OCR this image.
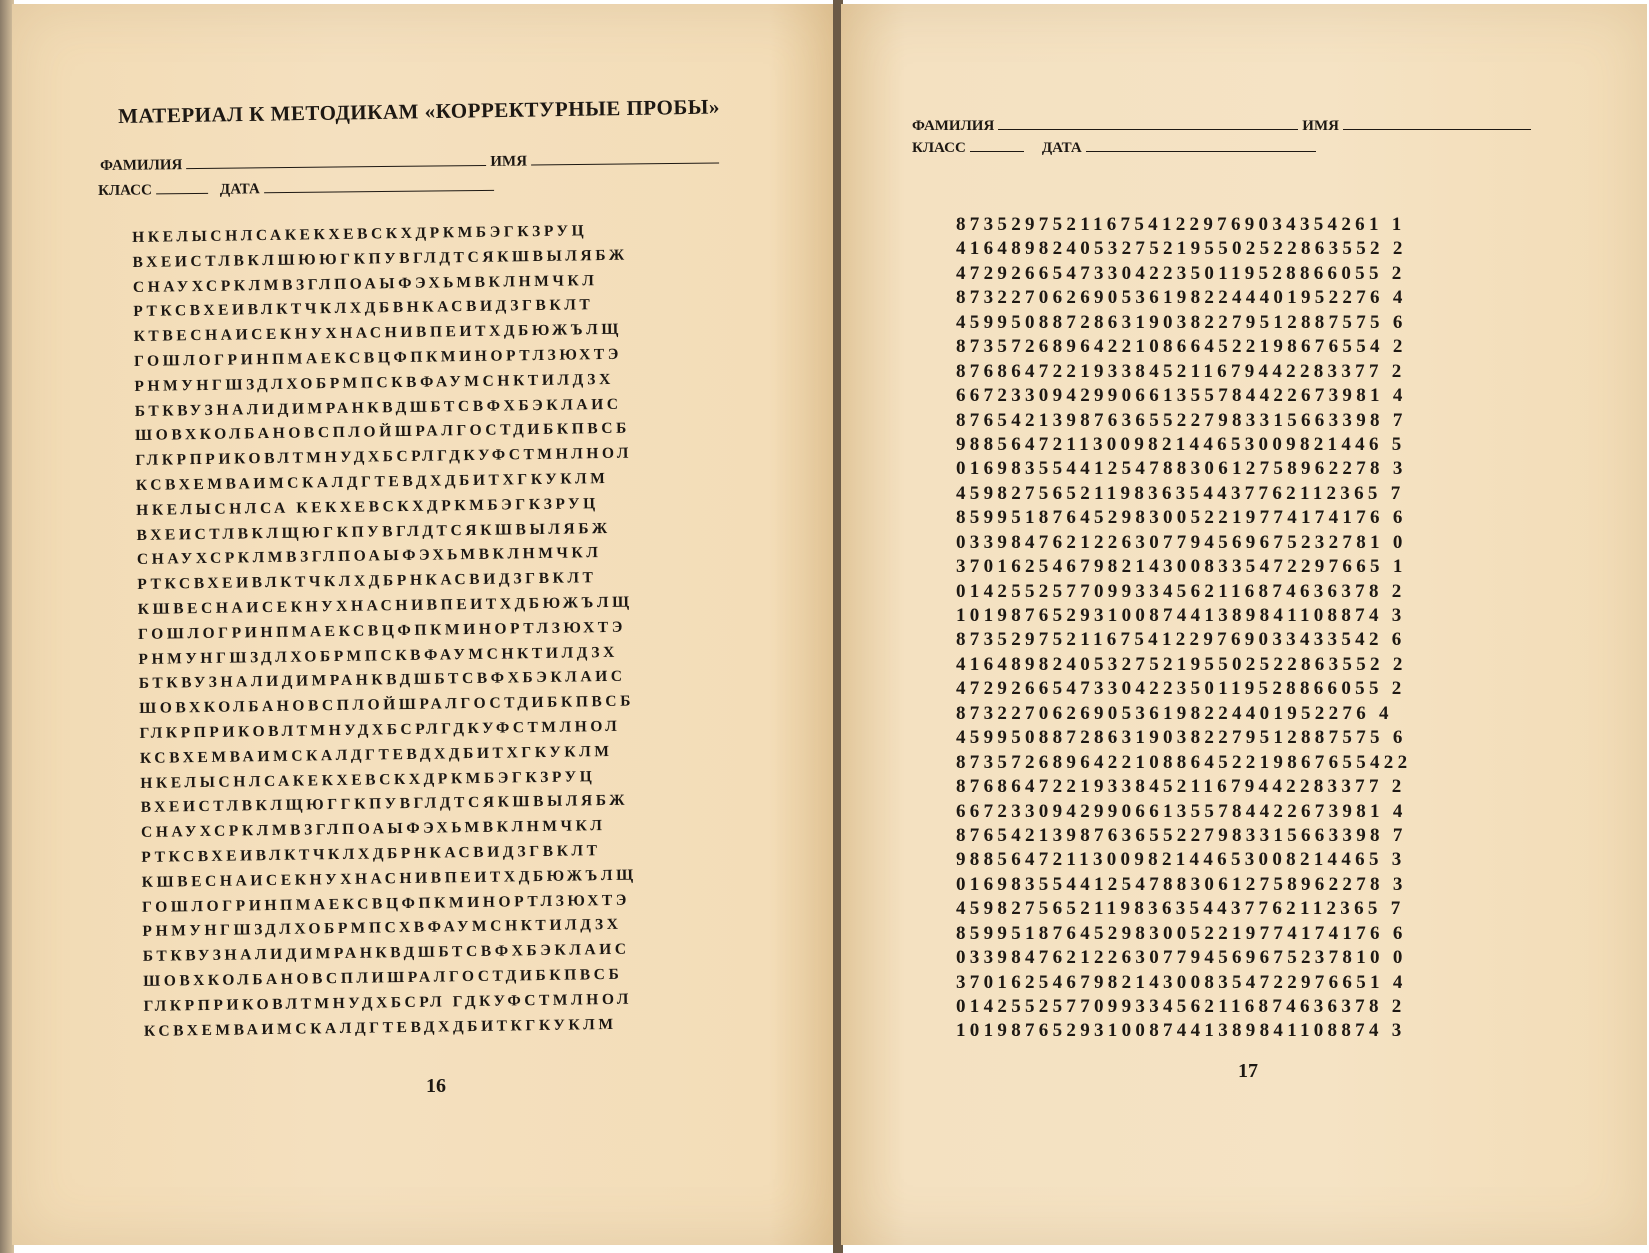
МАТЕРИАЛ К МЕТОДИКАМ «КОРРЕКТУРНЫЕ ПРОБЫ»
ФАМИЛИЯ	ИМЯ
КЛАСС	ДАТА
НКЕЛЫСНЛСАКЕКХЕВСКХДРКМБЭГКЗРУЦ
ВХЕИСТЛВКЛШЮЮГКПУВГЛДТСЯКШВЫЛЯБЖ
СНАУХСРКЛМВЗГЛПОАЫФЭХЬМВКЛНМЧКЛ
РТКСВХЕИВЛКТЧКЛХДБВНКАСВИДЗГВКЛТ
КТВЕСНАИСЕКНУХНАСНИВПЕИТХДБЮЖЪЛЩ
ГОШЛОГРИНПМАЕКСВЦФПКМИНОРТЛЗЮХТЭ
РНМУНГШЗДЛХОБРМПСКВФАУМСНКТИЛДЗХ
БТКВУЗНАЛИДИМРАНКВДШБТСВФХБЭКЛАИС
ШОВХКОЛБАНОВСПЛОЙШРАЛГОСТДИБКПВСБ
ГЛКРПРИКОВЛТМНУДХБСРЛГДКУФСТМНЛНОЛ
КСВХЕМВАИМСКАЛДГТЕВДХДБИТХГКУКЛМ
НКЕЛЫСНЛСА КЕКХЕВСКХДРКМБЭГКЗРУЦ
ВХЕИСТЛВКЛЩЮГКПУВГЛДТСЯКШВЫЛЯБЖ
СНАУХСРКЛМВЗГЛПОАЫФЭХЬМВКЛНМЧКЛ
РТКСВХЕИВЛКТЧКЛХДБРНКАСВИДЗГВКЛТ
КШВЕСНАИСЕКНУХНАСНИВПЕИТХДБЮЖЪЛЩ
ГОШЛОГРИНПМАЕКСВЦФПКМИНОРТЛЗЮХТЭ
РНМУНГШЗДЛХОБРМПСКВФАУМСНКТИЛДЗХ
БТКВУЗНАЛИДИМРАНКВДШБТСВФХБЭКЛАИС
ШОВХКОЛБАНОВСПЛОЙШРАЛГОСТДИБКПВСБ
ГЛКРПРИКОВЛТМНУДХБСРЛГДКУФСТМЛНОЛ
КСВХЕМВАИМСКАЛДГТЕВДХДБИТХГКУКЛМ
НКЕЛЫСНЛСАКЕКХЕВСКХДРКМБЭГКЗРУЦ
ВХЕИСТЛВКЛЩЮГГКПУВГЛДТСЯКШВЫЛЯБЖ
СНАУХСРКЛМВЗГЛПОАЫФЭХЬМВКЛНМЧКЛ
РТКСВХЕИВЛКТЧКЛХДБРНКАСВИДЗГВКЛТ
КШВЕСНАИСЕКНУХНАСНИВПЕИТХДБЮЖЪЛЩ
ГОШЛОГРИНПМАЕКСВЦФПКМИНОРТЛЗЮХТЭ
РНМУНГШЗДЛХОБРМПСХВФАУМСНКТИЛДЗХ
БТКВУЗНАЛИДИМРАНКВДШБТСВФХБЭКЛАИС
ШОВХКОЛБАНОВСПЛИШРАЛГОСТДИБКПВСБ
ГЛКРПРИКОВЛТМНУДХБСРЛ ГДКУФСТМЛНОЛ
КСВХЕМВАИМСКАЛДГТЕВДХДБИТКГКУКЛМ
16
ФАМИЛИЯ	ИМЯ
КЛАСС	ДАТА
8735297521167541229769034354261 1
4164898240532752195502522863552 2
4729266547330422350119528866055 2
8732270626905361982244401952276 4
4599508872863190382279512887575 6
8735726896422108664522198676554 2
8768647221933845211679442283377 2
6672330942990661355784422673981 4
8765421398763655227983315663398 7
9885647211300982144653009821446 5
0169835544125478830612758962278 3
4598275652119836354437762112365 7
8599518764529830052219774174176 6
0339847621226307794569675232781 0
3701625467982143008335472297665 1
0142552577099334562116874636378 2
1019876529310087441389841108874 3
8735297521167541229769033433542 6
4164898240532752195502522863552 2
4729266547330422350119528866055 2
873227062690536198224401952276 4
4599508872863190382279512887575 6
873572689642210886452219867655422
8768647221933845211679442283377 2
6672330942990661355784422673981 4
8765421398763655227983315663398 7
9885647211300982144653008214465 3
0169835544125478830612758962278 3
4598275652119836354437762112365 7
8599518764529830052219774174176 6
0339847621226307794569675237810 0
3701625467982143008354722976651 4
0142552577099334562116874636378 2
1019876529310087441389841108874 3
17
